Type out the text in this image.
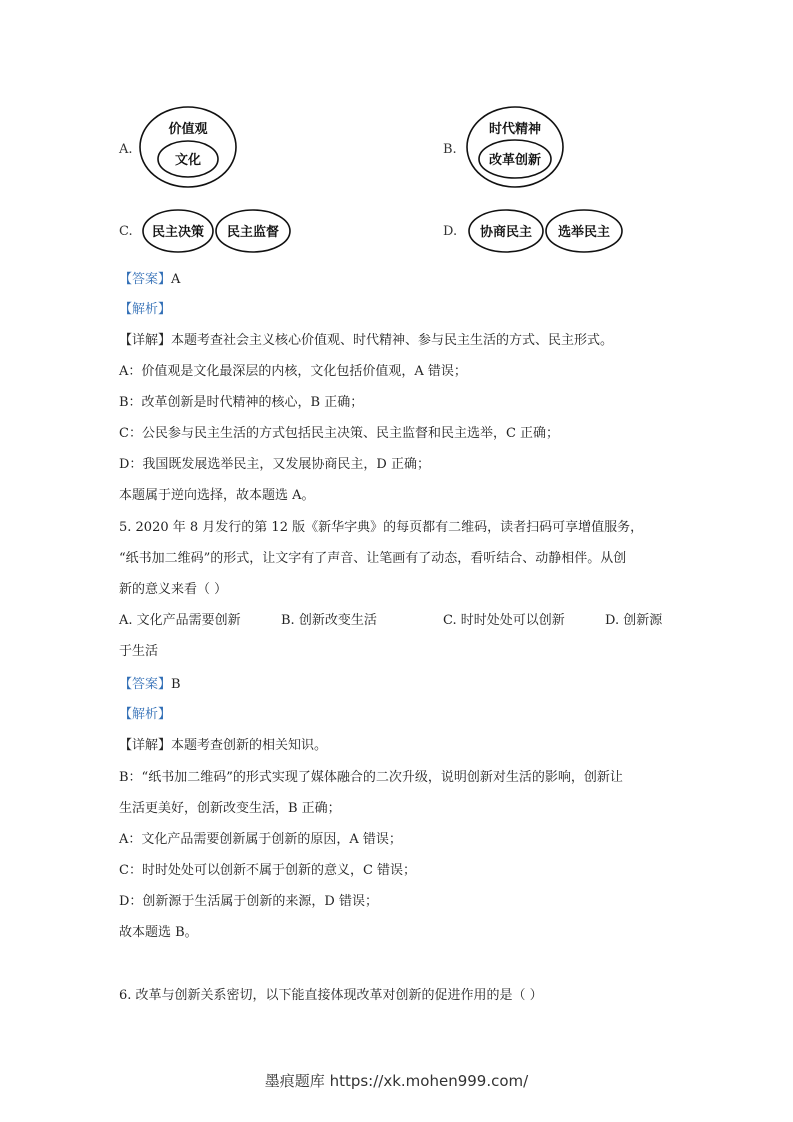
A.
价值观
文化
B.
时代精神
改革创新
C. 民主决策 民主监督	D. 协商民主 选举民主
【答案】A
【解析】
【详解】本题考查社会主义核心价值观、时代精神、参与民主生活的方式、民主形式。
A：价值观是文化最深层的内核，文化包括价值观，A 错误；
B：改革创新是时代精神的核心，B 正确；
C：公民参与民主生活的方式包括民主决策、民主监督和民主选举，C 正确；
D：我国既发展选举民主，又发展协商民主，D 正确；
本题属于逆向选择，故本题选 A。
5. 2020 年 8 月发行的第 12 版《新华字典》的每页都有二维码，读者扫码可享增值服务，
“纸书加二维码”的形式，让文字有了声音、让笔画有了动态，看听结合、动静相伴。从创
新的意义来看（ ）
A. 文化产品需要创新	B. 创新改变生活	C. 时时处处可以创新	D. 创新源
于生活
【答案】B
【解析】
【详解】本题考查创新的相关知识。
B：“纸书加二维码”的形式实现了媒体融合的二次升级，说明创新对生活的影响，创新让
生活更美好，创新改变生活，B 正确；
A：文化产品需要创新属于创新的原因，A 错误；
C：时时处处可以创新不属于创新的意义，C 错误；
D：创新源于生活属于创新的来源，D 错误；
故本题选 B。
6. 改革与创新关系密切，以下能直接体现改革对创新的促进作用的是（ ）
墨痕题库 https://xk.mohen999.com/
